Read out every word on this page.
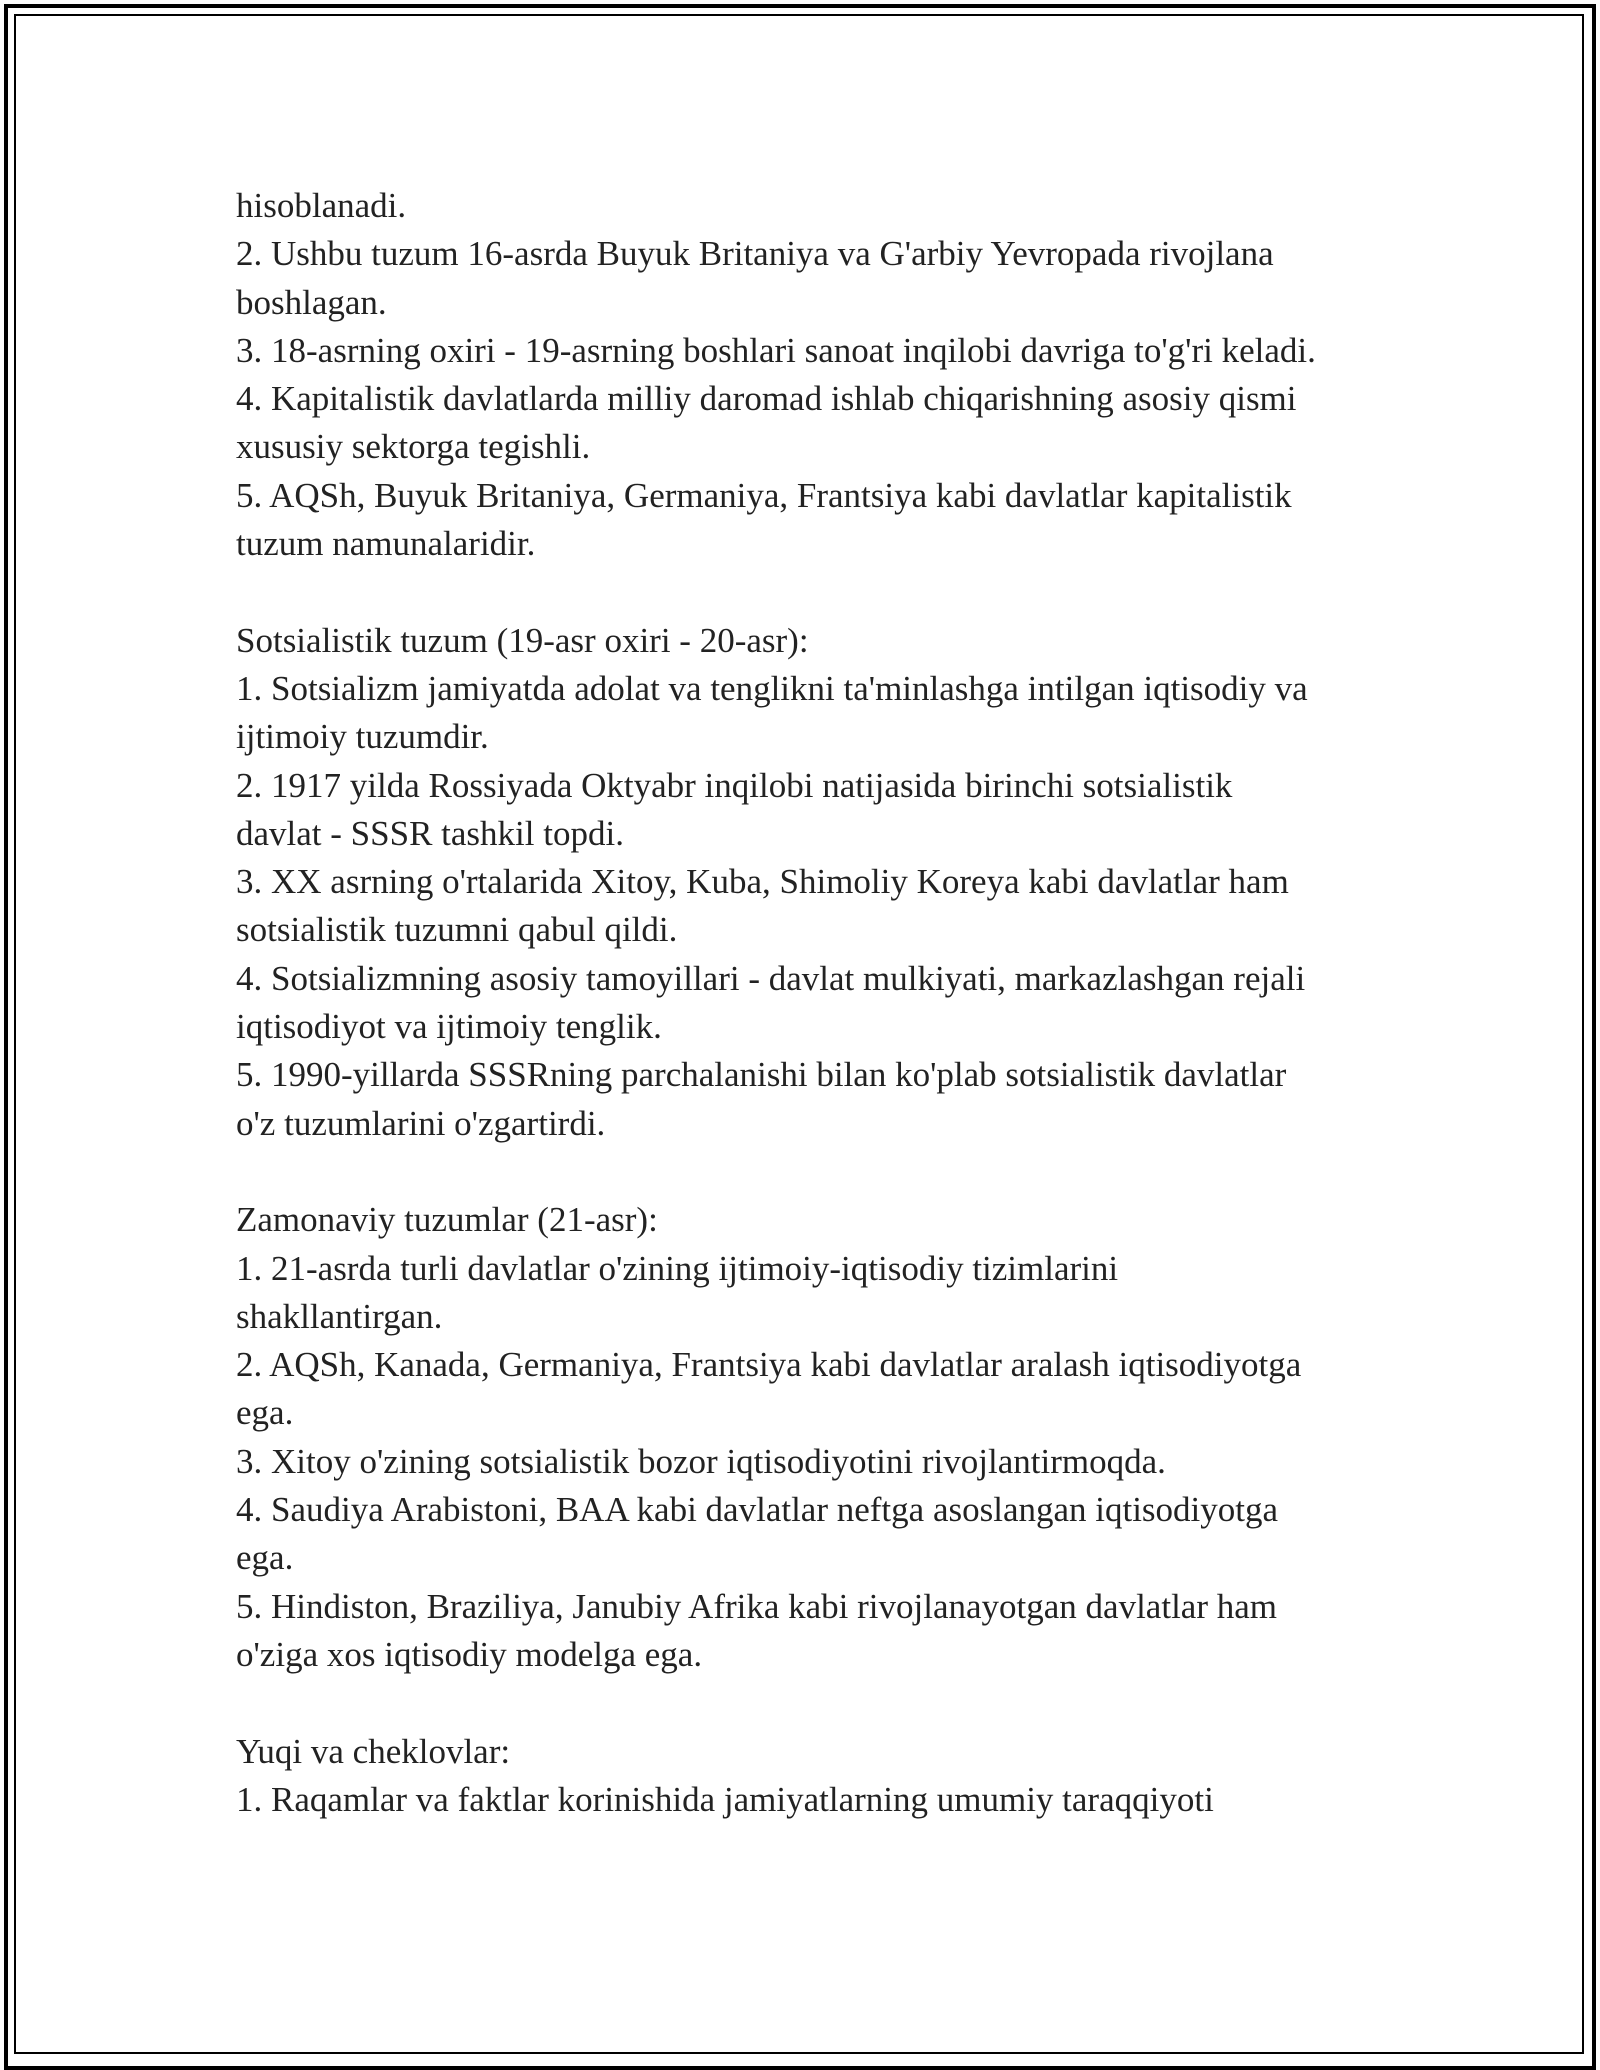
hisoblanadi.
2. Ushbu tuzum 16-asrda Buyuk Britaniya va G'arbiy Yevropada rivojlana
boshlagan.
3. 18-asrning oxiri - 19-asrning boshlari sanoat inqilobi davriga to'g'ri keladi.
4. Kapitalistik davlatlarda milliy daromad ishlab chiqarishning asosiy qismi
xususiy sektorga tegishli.
5. AQSh, Buyuk Britaniya, Germaniya, Frantsiya kabi davlatlar kapitalistik
tuzum namunalaridir.
Sotsialistik tuzum (19-asr oxiri - 20-asr):
1. Sotsializm jamiyatda adolat va tenglikni ta'minlashga intilgan iqtisodiy va
ijtimoiy tuzumdir.
2. 1917 yilda Rossiyada Oktyabr inqilobi natijasida birinchi sotsialistik
davlat - SSSR tashkil topdi.
3. XX asrning o'rtalarida Xitoy, Kuba, Shimoliy Koreya kabi davlatlar ham
sotsialistik tuzumni qabul qildi.
4. Sotsializmning asosiy tamoyillari - davlat mulkiyati, markazlashgan rejali
iqtisodiyot va ijtimoiy tenglik.
5. 1990-yillarda SSSRning parchalanishi bilan ko'plab sotsialistik davlatlar
o'z tuzumlarini o'zgartirdi.
Zamonaviy tuzumlar (21-asr):
1. 21-asrda turli davlatlar o'zining ijtimoiy-iqtisodiy tizimlarini
shakllantirgan.
2. AQSh, Kanada, Germaniya, Frantsiya kabi davlatlar aralash iqtisodiyotga
ega.
3. Xitoy o'zining sotsialistik bozor iqtisodiyotini rivojlantirmoqda.
4. Saudiya Arabistoni, BAA kabi davlatlar neftga asoslangan iqtisodiyotga
ega.
5. Hindiston, Braziliya, Janubiy Afrika kabi rivojlanayotgan davlatlar ham
o'ziga xos iqtisodiy modelga ega.
Yuqi va cheklovlar:
1. Raqamlar va faktlar korinishida jamiyatlarning umumiy taraqqiyoti
